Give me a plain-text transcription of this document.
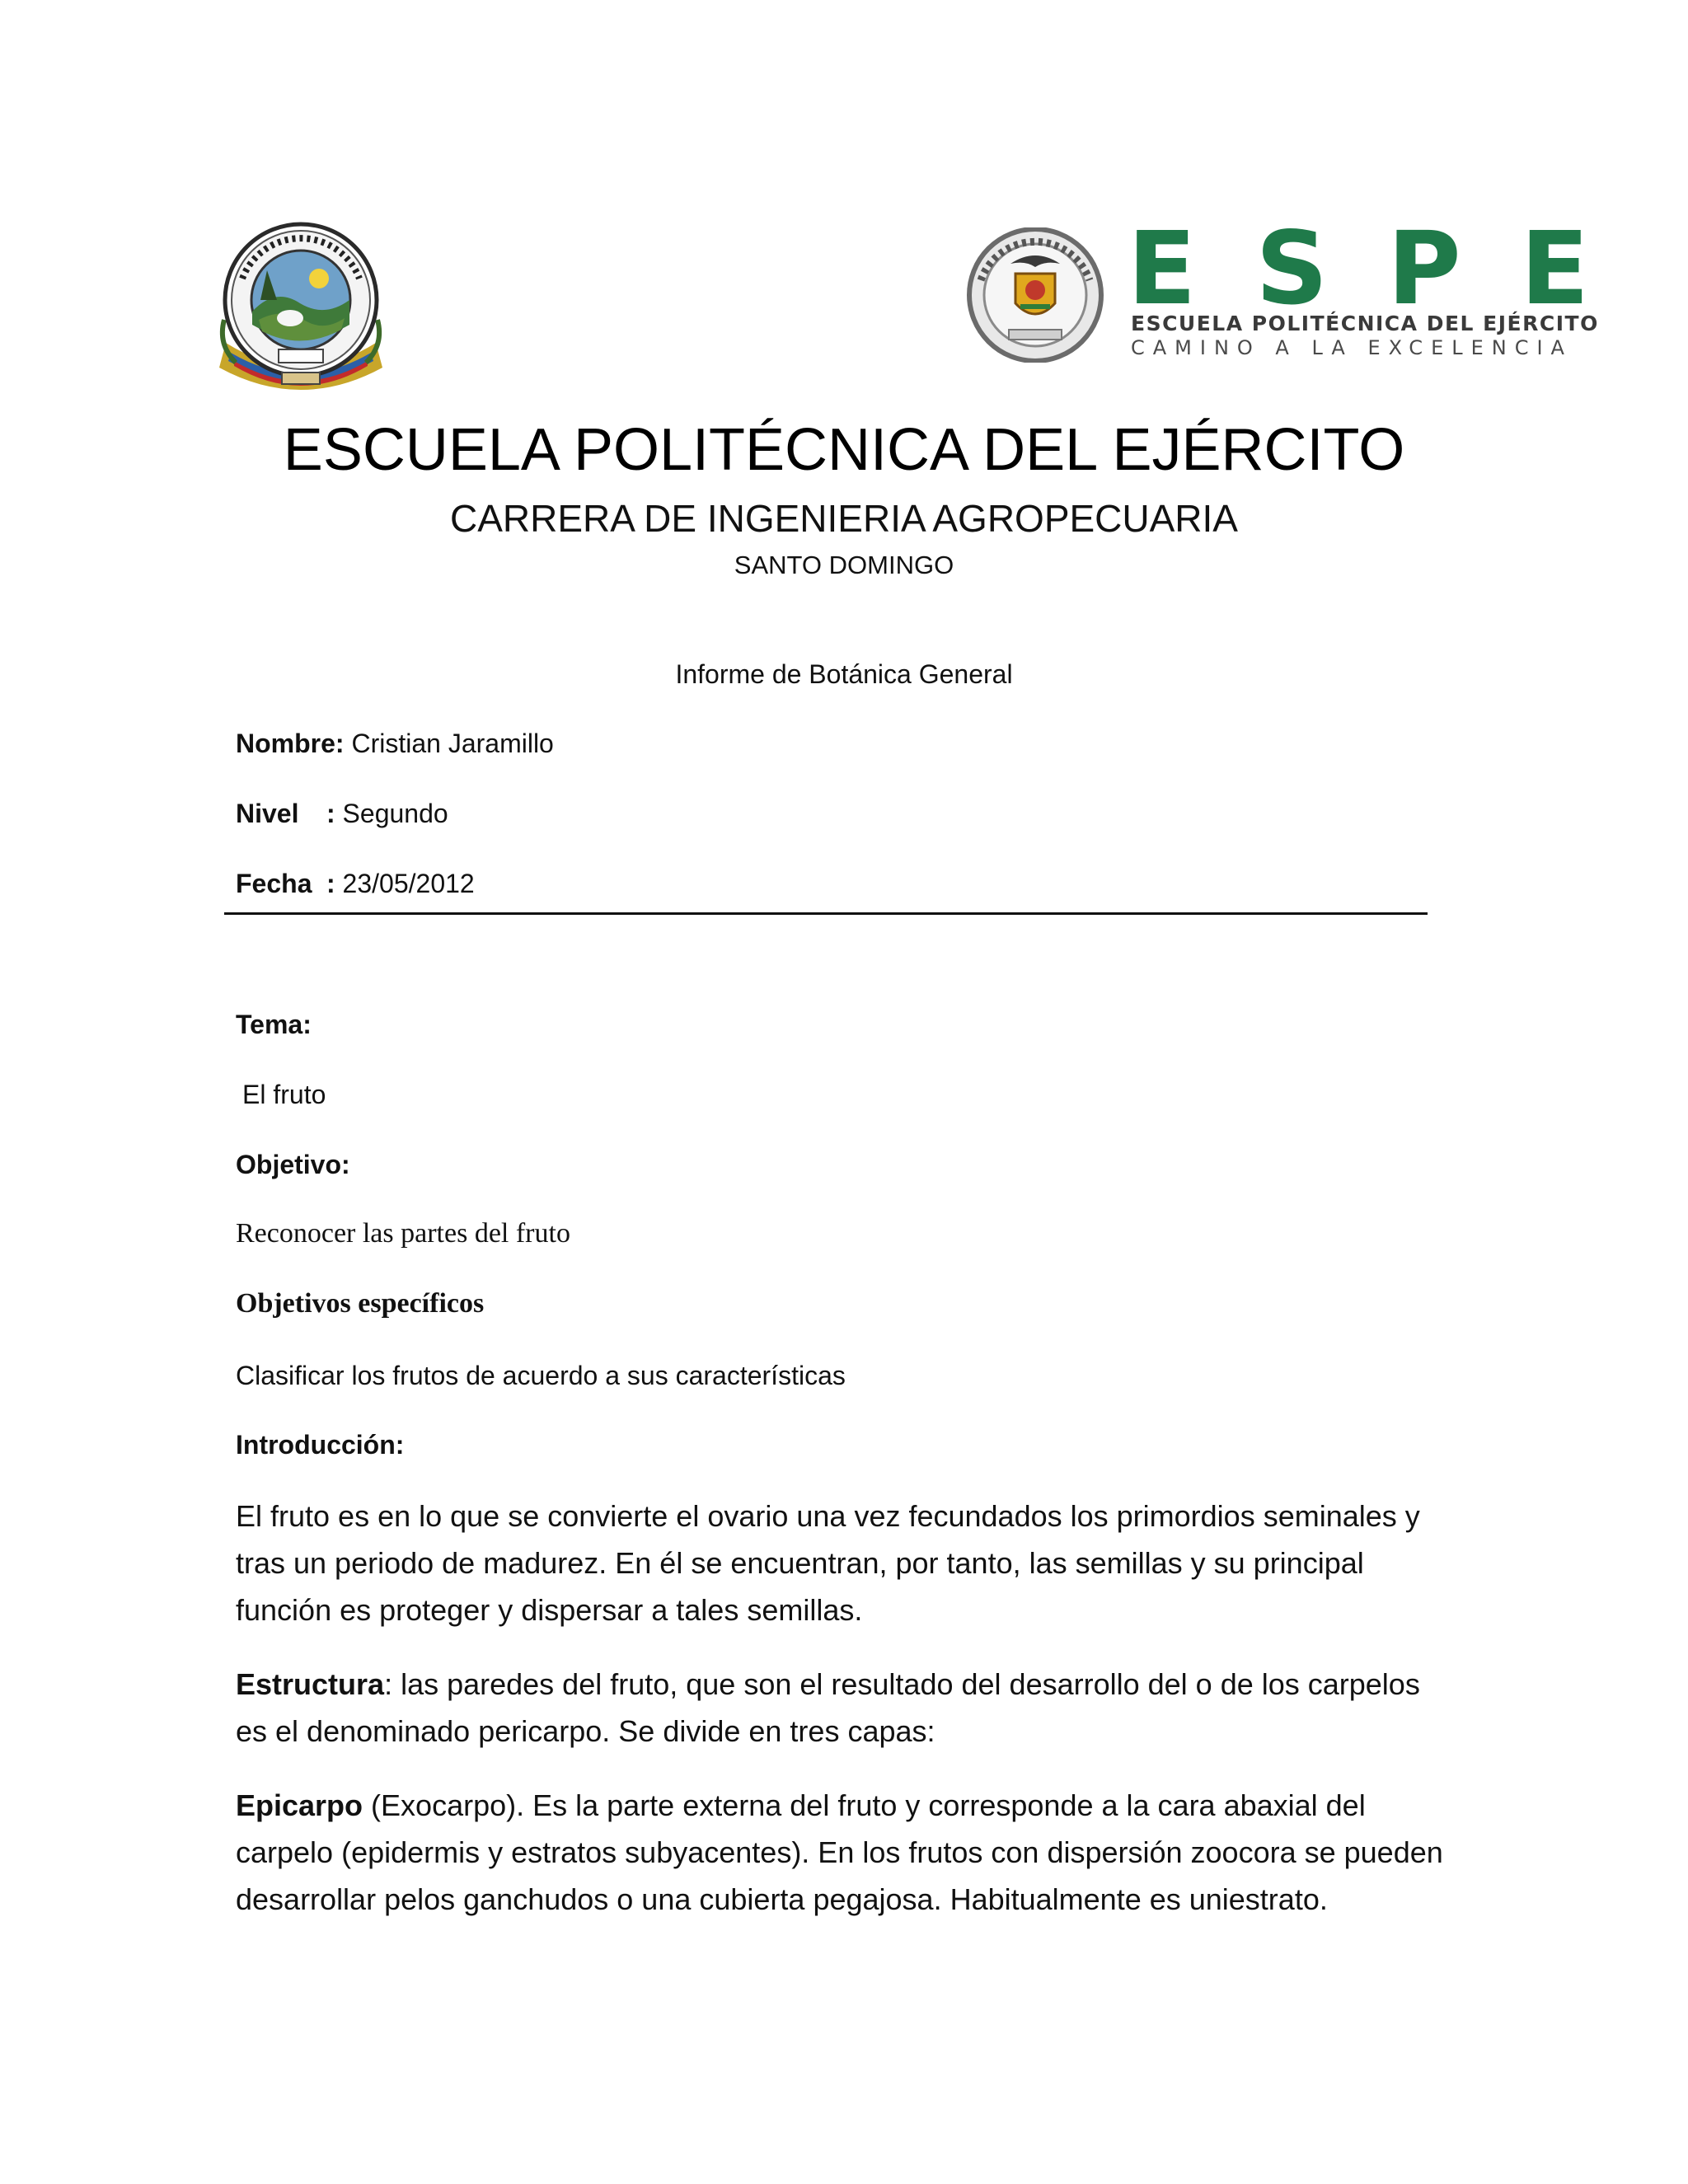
E S P E
ESCUELA POLITÉCNICA DEL EJÉRCITO
CAMINO A LA EXCELENCIA
ESCUELA POLITÉCNICA DEL EJÉRCITO
CARRERA DE INGENIERIA AGROPECUARIA
SANTO DOMINGO
Informe de Botánica General
Nombre: Cristian Jaramillo
Nivel : Segundo
Fecha : 23/05/2012
Tema:
El fruto
Objetivo:
Reconocer las partes del fruto
Objetivos específicos
Clasificar los frutos de acuerdo a sus características
Introducción:
El fruto es en lo que se convierte el ovario una vez fecundados los primordios seminales y tras un periodo de madurez. En él se encuentran, por tanto, las semillas y su principal función es proteger y dispersar a tales semillas.
Estructura: las paredes del fruto, que son el resultado del desarrollo del o de los carpelos es el denominado pericarpo. Se divide en tres capas:
Epicarpo (Exocarpo). Es la parte externa del fruto y corresponde a la cara abaxial del carpelo (epidermis y estratos subyacentes). En los frutos con dispersión zoocora se pueden desarrollar pelos ganchudos o una cubierta pegajosa. Habitualmente es uniestrato.
